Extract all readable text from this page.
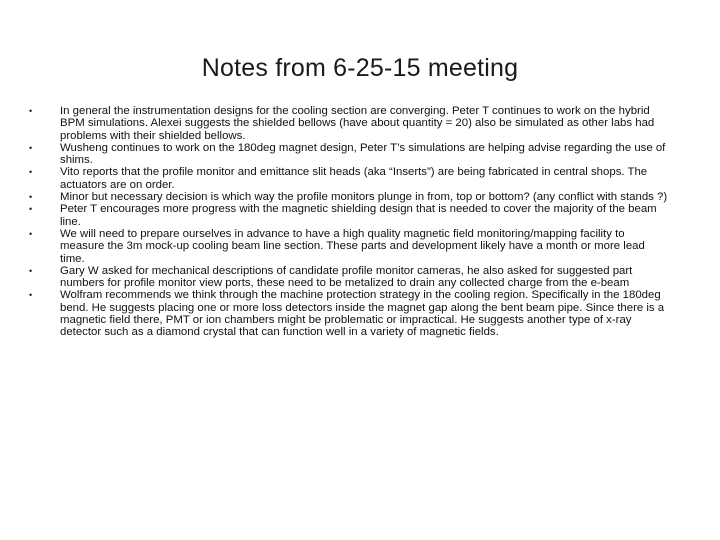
Notes from 6-25-15 meeting
• In general the instrumentation designs for the cooling section are converging. Peter T continues to work on the hybrid BPM simulations. Alexei suggests the shielded bellows (have about quantity = 20) also be simulated as other labs had problems with their shielded bellows.
• Wusheng continues to work on the 180deg magnet design, Peter T’s simulations are helping advise regarding the use of shims.
• Vito reports that the profile monitor and emittance slit heads (aka “Inserts”) are being fabricated in central shops. The actuators are on order.
• Minor but necessary decision is which way the profile monitors plunge in from, top or bottom? (any conflict with stands ?)
• Peter T encourages more progress with the magnetic shielding design that is needed to cover the majority of the beam line.
• We will need to prepare ourselves in advance to have a high quality magnetic field monitoring/mapping facility to measure the 3m mock-up cooling beam line section. These parts and development likely have a month or more lead time.
• Gary W asked for mechanical descriptions of candidate profile monitor cameras, he also asked for suggested part numbers for profile monitor view ports, these need to be metalized to drain any collected charge from the e-beam
• Wolfram recommends we think through the machine protection strategy in the cooling region. Specifically in the 180deg bend. He suggests placing one or more loss detectors inside the magnet gap along the bent beam pipe. Since there is a magnetic field there, PMT or ion chambers might be problematic or impractical. He suggests another type of x-ray detector such as a diamond crystal that can function well in a variety of magnetic fields.
